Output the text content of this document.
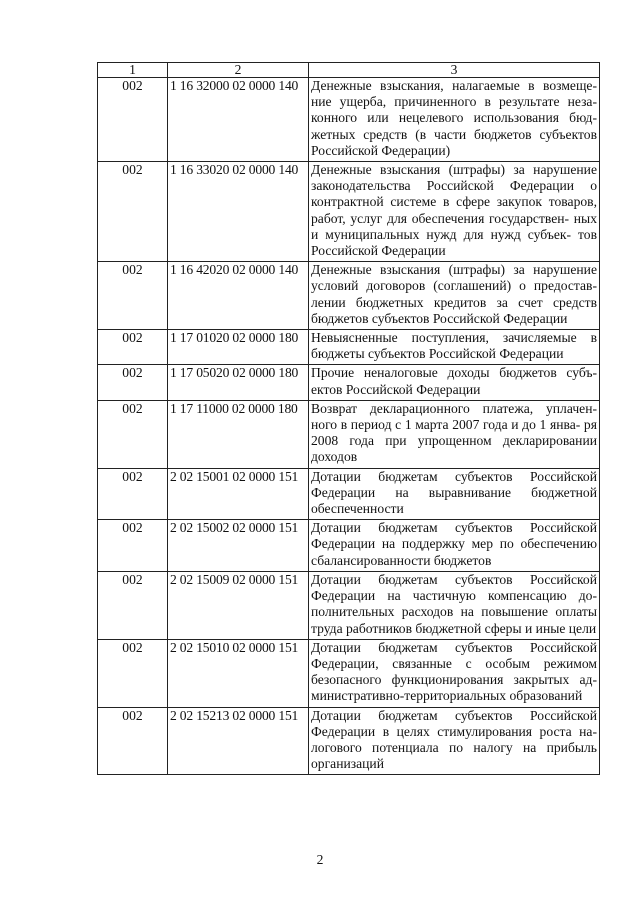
1	2	3
002	1 16 32000 02 0000 140	Денежные взыскания, налагаемые в возмеще- ние ущерба, причиненного в результате неза- конного или нецелевого использования бюд- жетных средств (в части бюджетов субъектов Российской Федерации)
002	1 16 33020 02 0000 140	Денежные взыскания (штрафы) за нарушение законодательства Российской Федерации о контрактной системе в сфере закупок товаров, работ, услуг для обеспечения государствен- ных и муниципальных нужд для нужд субъек- тов Российской Федерации
002	1 16 42020 02 0000 140	Денежные взыскания (штрафы) за нарушение условий договоров (соглашений) о предостав- лении бюджетных кредитов за счет средств бюджетов субъектов Российской Федерации
002	1 17 01020 02 0000 180	Невыясненные поступления, зачисляемые в бюджеты субъектов Российской Федерации
002	1 17 05020 02 0000 180	Прочие неналоговые доходы бюджетов субъ- ектов Российской Федерации
002	1 17 11000 02 0000 180	Возврат декларационного платежа, уплачен- ного в период с 1 марта 2007 года и до 1 янва- ря 2008 года при упрощенном декларировании доходов
002	2 02 15001 02 0000 151	Дотации бюджетам субъектов Российской Федерации на выравнивание бюджетной обеспеченности
002	2 02 15002 02 0000 151	Дотации бюджетам субъектов Российской Федерации на поддержку мер по обеспечению сбалансированности бюджетов
002	2 02 15009 02 0000 151	Дотации бюджетам субъектов Российской Федерации на частичную компенсацию до- полнительных расходов на повышение оплаты труда работников бюджетной сферы и иные цели
002	2 02 15010 02 0000 151	Дотации бюджетам субъектов Российской Федерации, связанные с особым режимом безопасного функционирования закрытых ад- министративно-территориальных образований
002	2 02 15213 02 0000 151	Дотации бюджетам субъектов Российской Федерации в целях стимулирования роста на- логового потенциала по налогу на прибыль организаций
2
